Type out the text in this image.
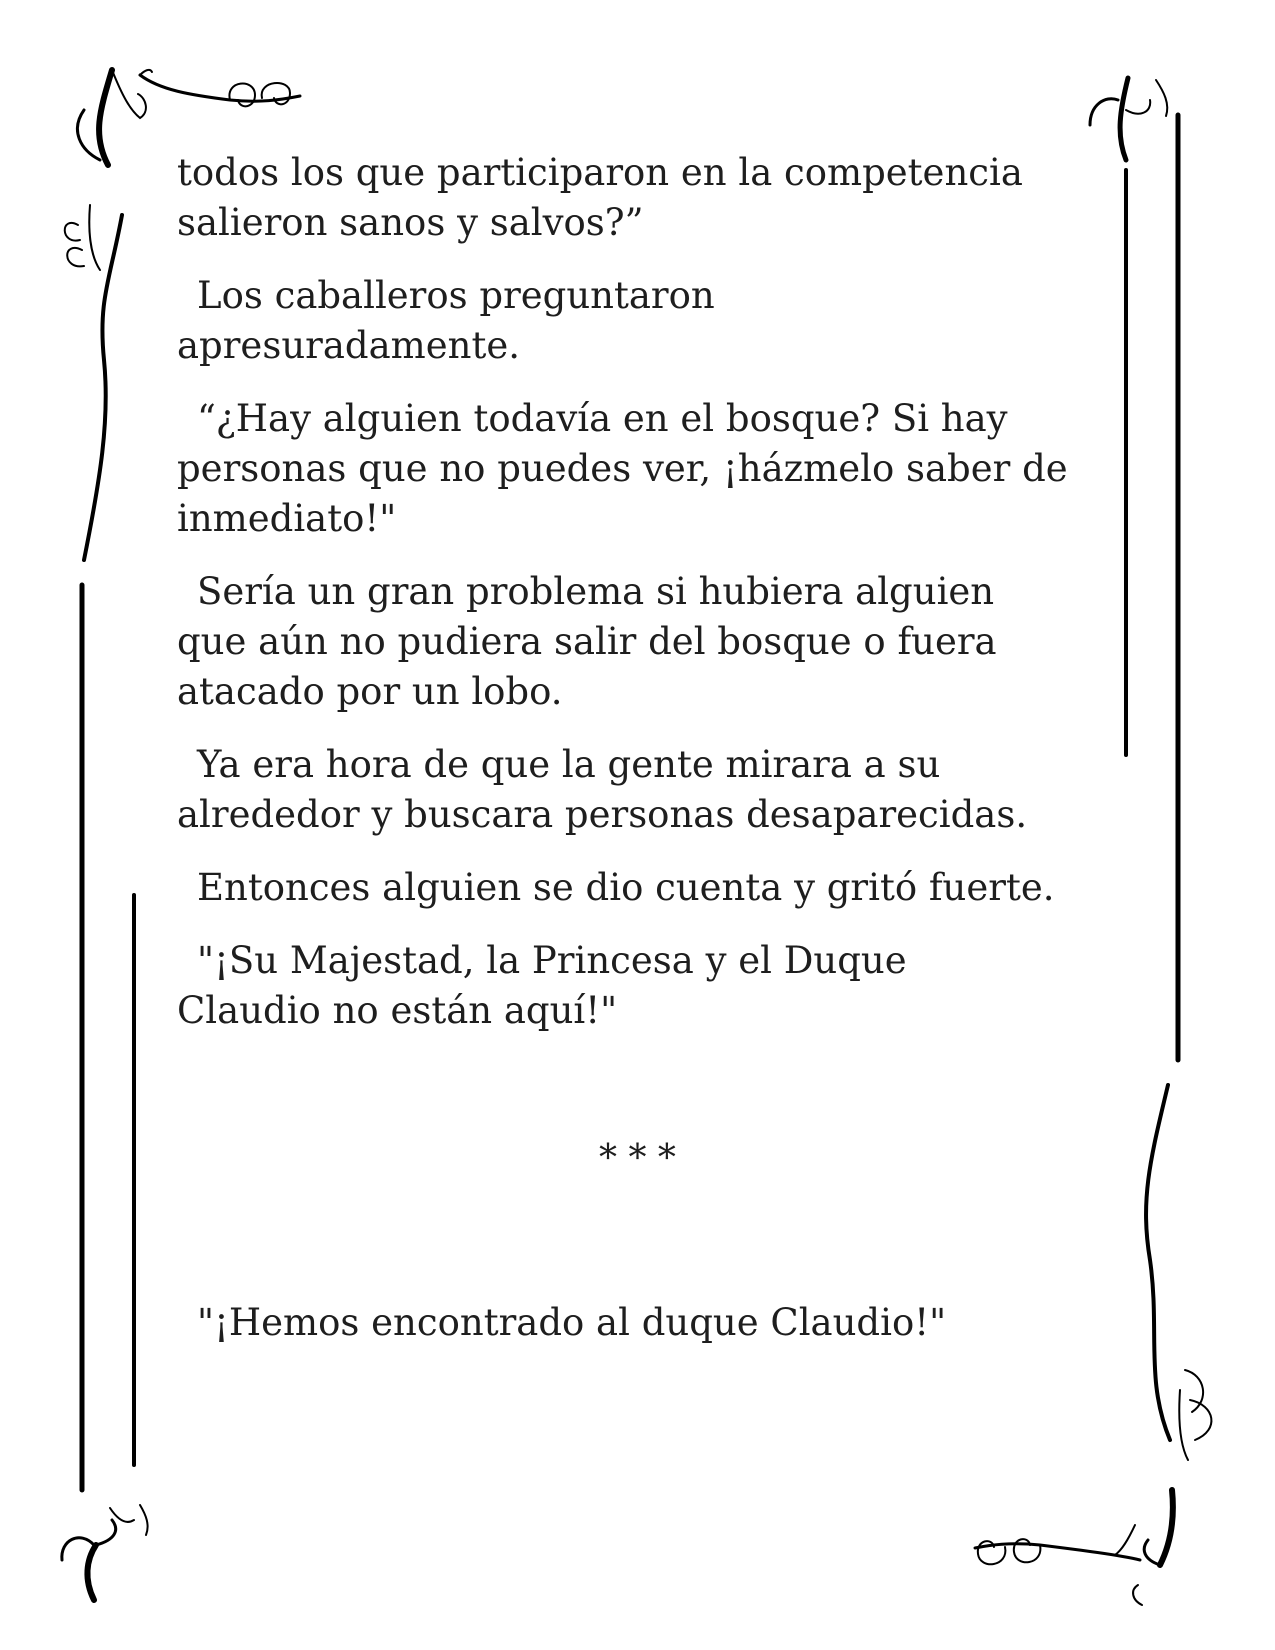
todos los que participaron en la competencia
salieron sanos y salvos?”

Los caballeros preguntaron
apresuradamente.

“¿Hay alguien todavía en el bosque? Si hay
personas que no puedes ver, ¡házmelo saber de
inmediato!"

Sería un gran problema si hubiera alguien
que aún no pudiera salir del bosque o fuera
atacado por un lobo.

Ya era hora de que la gente mirara a su
alrededor y buscara personas desaparecidas.

Entonces alguien se dio cuenta y gritó fuerte.

"¡Su Majestad, la Princesa y el Duque
Claudio no están aquí!"

* * *
"¡Hemos encontrado al duque Claudio!"
